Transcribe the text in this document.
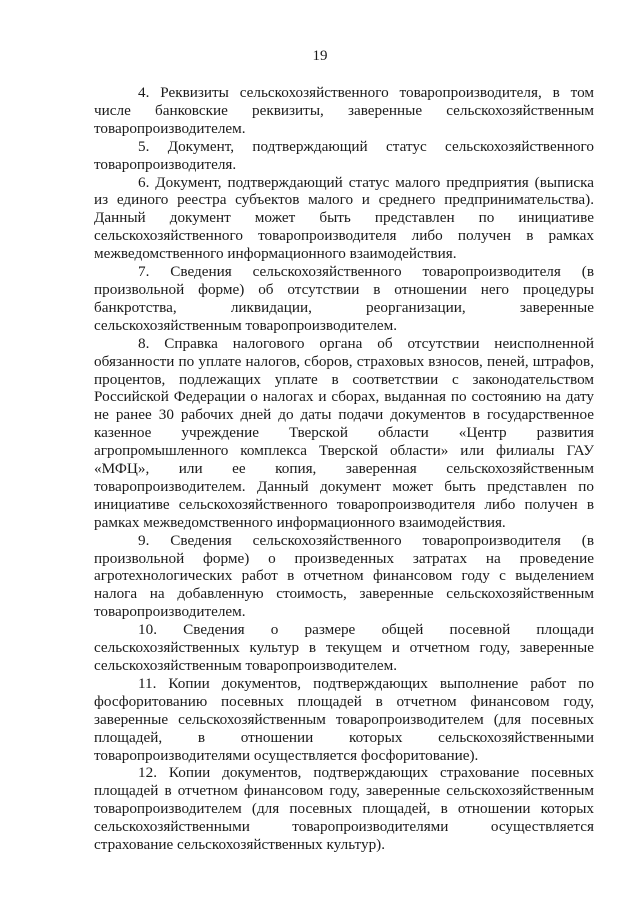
19

4. Реквизиты сельскохозяйственного товаропроизводителя, в том числе банковские реквизиты, заверенные сельскохозяйственным товаропроизводителем.

5. Документ, подтверждающий статус сельскохозяйственного товаропроизводителя.

6. Документ, подтверждающий статус малого предприятия (выписка из единого реестра субъектов малого и среднего предпринимательства). Данный документ может быть представлен по инициативе сельскохозяйственного товаропроизводителя либо получен в рамках межведомственного информационного взаимодействия.

7. Сведения сельскохозяйственного товаропроизводителя (в произвольной форме) об отсутствии в отношении него процедуры банкротства, ликвидации, реорганизации, заверенные сельскохозяйственным товаропроизводителем.

8. Справка налогового органа об отсутствии неисполненной обязанности по уплате налогов, сборов, страховых взносов, пеней, штрафов, процентов, подлежащих уплате в соответствии с законодательством Российской Федерации о налогах и сборах, выданная по состоянию на дату не ранее 30 рабочих дней до даты подачи документов в государственное казенное учреждение Тверской области «Центр развития агропромышленного комплекса Тверской области» или филиалы ГАУ «МФЦ», или ее копия, заверенная сельскохозяйственным товаропроизводителем. Данный документ может быть представлен по инициативе сельскохозяйственного товаропроизводителя либо получен в рамках межведомственного информационного взаимодействия.

9. Сведения сельскохозяйственного товаропроизводителя (в произвольной форме) о произведенных затратах на проведение агротехнологических работ в отчетном финансовом году с выделением налога на добавленную стоимость, заверенные сельскохозяйственным товаропроизводителем.

10. Сведения о размере общей посевной площади сельскохозяйственных культур в текущем и отчетном году, заверенные сельскохозяйственным товаропроизводителем.

11. Копии документов, подтверждающих выполнение работ по фосфоритованию посевных площадей в отчетном финансовом году, заверенные сельскохозяйственным товаропроизводителем (для посевных площадей, в отношении которых сельскохозяйственными товаропроизводителями осуществляется фосфоритование).

12. Копии документов, подтверждающих страхование посевных площадей в отчетном финансовом году, заверенные сельскохозяйственным товаропроизводителем (для посевных площадей, в отношении которых сельскохозяйственными товаропроизводителями осуществляется страхование сельскохозяйственных культур).
